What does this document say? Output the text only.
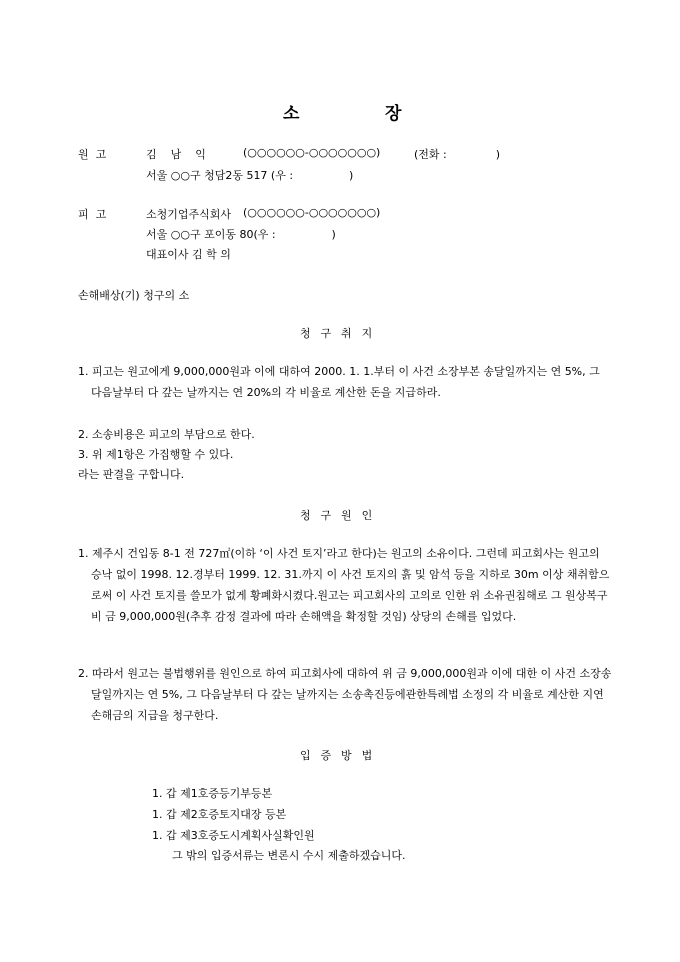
소	장
원  고	김    남    익	(○○○○○○-○○○○○○○)	(전화 :              )
서울 ○○구 청담2동 517 (우 :                )
피  고	소청기업주식회사 (○○○○○○-○○○○○○○)
서울 ○○구 포이동 80(우 :                )
대표이사 김 학 의
손해배상(기) 청구의 소
청구취지
1. 피고는 원고에게 9,000,000원과 이에 대하여 2000. 1. 1.부터 이 사건 소장부본 송달일까지는 연 5%, 그 다음날부터 다 갚는 날까지는 연 20%의 각 비율로 계산한 돈을 지급하라.
2. 소송비용은 피고의 부담으로 한다.
3. 위 제1항은 가집행할 수 있다.
라는 판결을 구합니다.
청구원인
1. 제주시 건입동 8-1 전 727㎡(이하 ‘이 사건 토지’라고 한다)는 원고의 소유이다. 그런데 피고회사는 원고의 승낙 없이 1998. 12.경부터 1999. 12. 31.까지 이 사건 토지의 흙 및 암석 등을 지하로 30m 이상 채취함으로써 이 사건 토지를 쓸모가 없게 황폐화시켰다.원고는 피고회사의 고의로 인한 위 소유권침해로 그 원상복구비 금 9,000,000원(추후 감정 결과에 따라 손해액을 확정할 것임) 상당의 손해를 입었다.
2. 따라서 원고는 불법행위를 원인으로 하여 피고회사에 대하여 위 금 9,000,000원과 이에 대한 이 사건 소장송달일까지는 연 5%, 그 다음날부터 다 갚는 날까지는 소송촉진등에관한특례법 소정의 각 비율로 계산한 지연손해금의 지급을 청구한다.
입증방법
1. 갑 제1호증등기부등본
1. 갑 제2호증토지대장 등본
1. 갑 제3호증도시계획사실확인원
그 밖의 입증서류는 변론시 수시 제출하겠습니다.
